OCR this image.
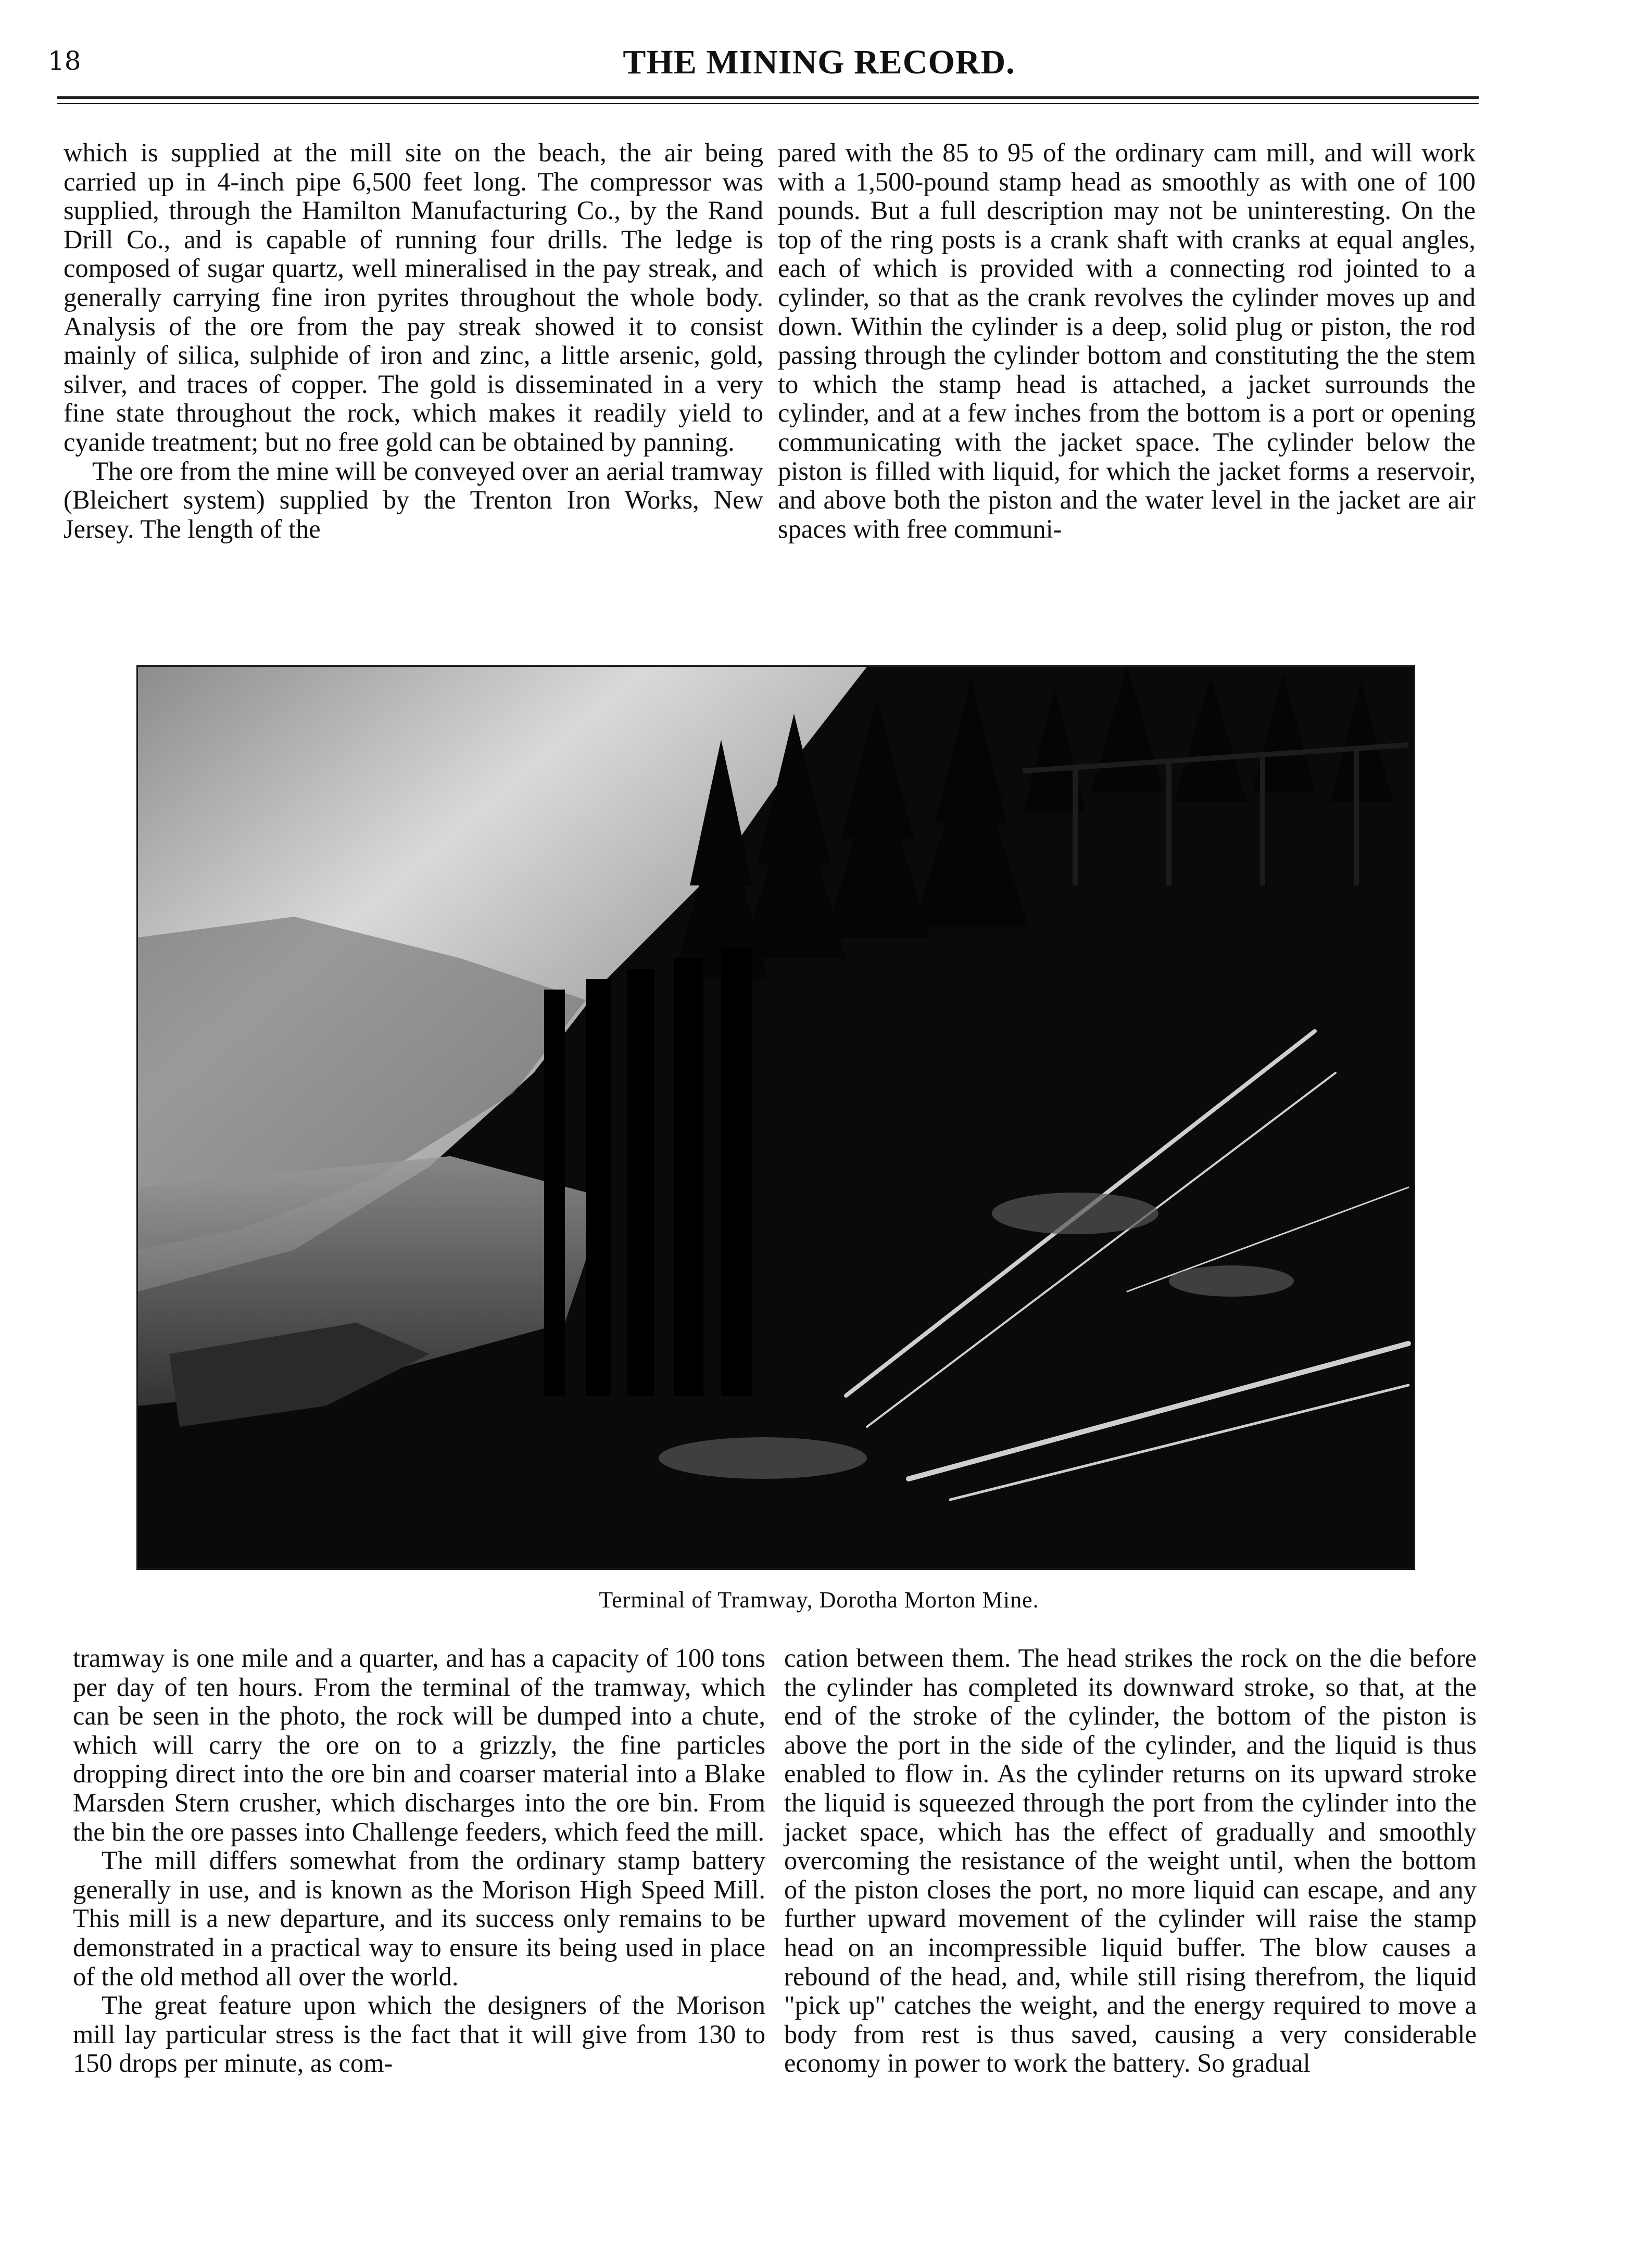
18	THE MINING RECORD.

which is supplied at the mill site on the beach, the air being carried up in 4-inch pipe 6,500 feet long. The compressor was supplied, through the Hamilton Manufacturing Co., by the Rand Drill Co., and is capable of running four drills. The ledge is composed of sugar quartz, well mineralised in the pay streak, and generally carrying fine iron pyrites throughout the whole body. Analysis of the ore from the pay streak showed it to consist mainly of silica, sulphide of iron and zinc, a little arsenic, gold, silver, and traces of copper. The gold is disseminated in a very fine state throughout the rock, which makes it readily yield to cyanide treatment; but no free gold can be obtained by panning.

The ore from the mine will be conveyed over an aerial tramway (Bleichert system) supplied by the Trenton Iron Works, New Jersey. The length of the

pared with the 85 to 95 of the ordinary cam mill, and will work with a 1,500-pound stamp head as smoothly as with one of 100 pounds. But a full description may not be uninteresting. On the top of the ring posts is a crank shaft with cranks at equal angles, each of which is provided with a connecting rod jointed to a cylinder, so that as the crank revolves the cylinder moves up and down. Within the cylinder is a deep, solid plug or piston, the rod passing through the cylinder bottom and constituting the the stem to which the stamp head is attached, a jacket surrounds the cylinder, and at a few inches from the bottom is a port or opening communicating with the jacket space. The cylinder below the piston is filled with liquid, for which the jacket forms a reservoir, and above both the piston and the water level in the jacket are air spaces with free communi-

Terminal of Tramway, Dorotha Morton Mine.

tramway is one mile and a quarter, and has a capacity of 100 tons per day of ten hours. From the terminal of the tramway, which can be seen in the photo, the rock will be dumped into a chute, which will carry the ore on to a grizzly, the fine particles dropping direct into the ore bin and coarser material into a Blake Marsden Stern crusher, which discharges into the ore bin. From the bin the ore passes into Challenge feeders, which feed the mill.

The mill differs somewhat from the ordinary stamp battery generally in use, and is known as the Morison High Speed Mill. This mill is a new departure, and its success only remains to be demonstrated in a practical way to ensure its being used in place of the old method all over the world.

The great feature upon which the designers of the Morison mill lay particular stress is the fact that it will give from 130 to 150 drops per minute, as com-

cation between them. The head strikes the rock on the die before the cylinder has completed its downward stroke, so that, at the end of the stroke of the cylinder, the bottom of the piston is above the port in the side of the cylinder, and the liquid is thus enabled to flow in. As the cylinder returns on its upward stroke the liquid is squeezed through the port from the cylinder into the jacket space, which has the effect of gradually and smoothly overcoming the resistance of the weight until, when the bottom of the piston closes the port, no more liquid can escape, and any further upward movement of the cylinder will raise the stamp head on an incompressible liquid buffer. The blow causes a rebound of the head, and, while still rising therefrom, the liquid "pick up" catches the weight, and the energy required to move a body from rest is thus saved, causing a very considerable economy in power to work the battery. So gradual
